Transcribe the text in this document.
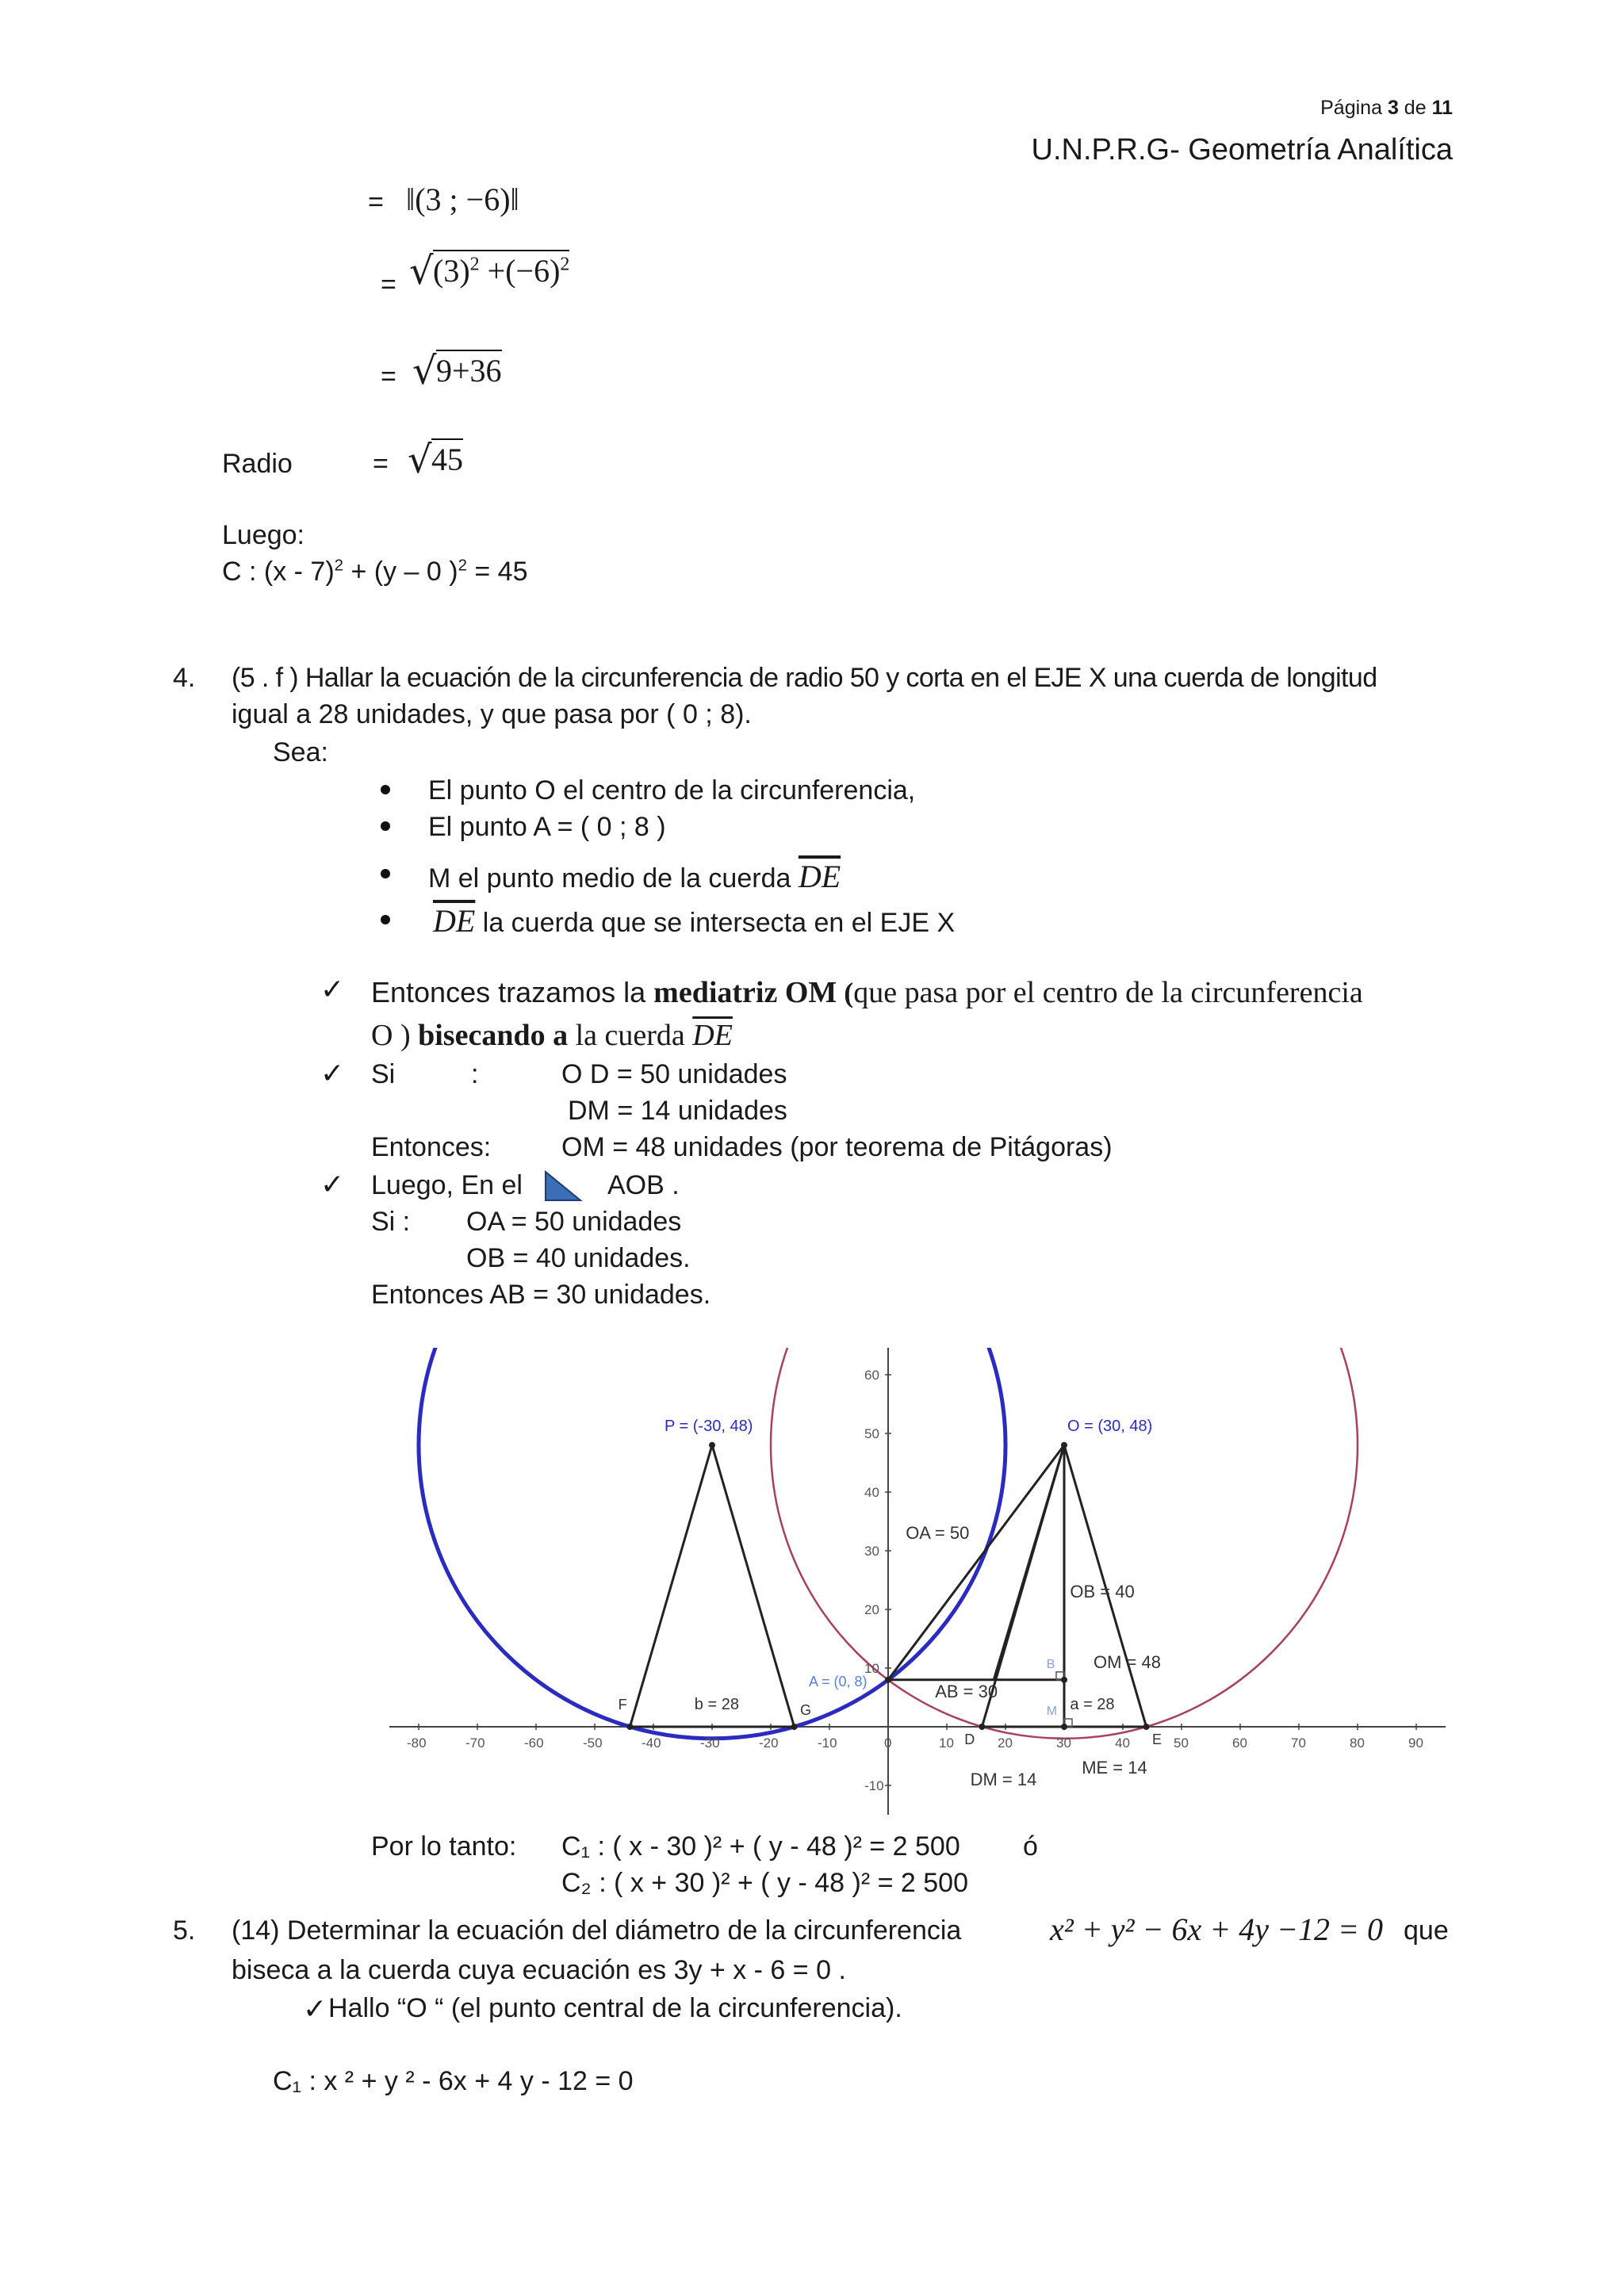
Página 3 de 11
U.N.P.R.G- Geometría Analítica
= ‖(3 ; −6)‖
= √ $(3)^2 +(-6)^2$
= √ 9+36
Radio	= √ 45
Luego:
C : (x - 7)$^2$ + (y – 0 )$^2$ = 45
4. (5 . f ) Hallar la ecuación de la circunferencia de radio 50 y corta en el EJE X una cuerda de longitud
igual a 28 unidades, y que pasa por ( 0 ; 8).
Sea:
El punto O el centro de la circunferencia,
El punto A = ( 0 ; 8 )
M el punto medio de la cuerda $\overline{DE}$
$\overline{DE}$ la cuerda que se intersecta en el EJE X
✓ Entonces trazamos la mediatriz OM (que pasa por el centro de la circunferencia
O ) bisecando a la cuerda $\overline{DE}$
✓ Si	:	O D = 50 unidades
DM = 14 unidades
Entonces:	OM = 48 unidades (por teorema de Pitágoras)
✓ Luego, En el	AOB .
Si : OA = 50 unidades
OB = 40 unidades.
Entonces AB = 30 unidades.
-80	-70	-60	-50	-40	-30	-20	-10	0	10	20	30	40	50	60	70	80	90
60
50
40
30
20
10
-10
P = (-30, 48)	O = (30, 48)
A = (0, 8)
OA = 50
OB = 40
OM = 48
AB = 30
b = 28	a = 28
DM = 14
ME = 14
F	G
D	E
M
B
Por lo tanto: C₁ : ( x - 30 )² + ( y - 48 )² = 2 500 ó
C₂ : ( x + 30 )² + ( y - 48 )² = 2 500
5. (14) Determinar la ecuación del diámetro de la circunferencia	x² + y² − 6x + 4y −12 = 0 que
biseca a la cuerda cuya ecuación es 3y + x - 6 = 0 .
✓ Hallo “O “ (el punto central de la circunferencia).
C₁ : x ² + y ² - 6x + 4 y - 12 = 0
